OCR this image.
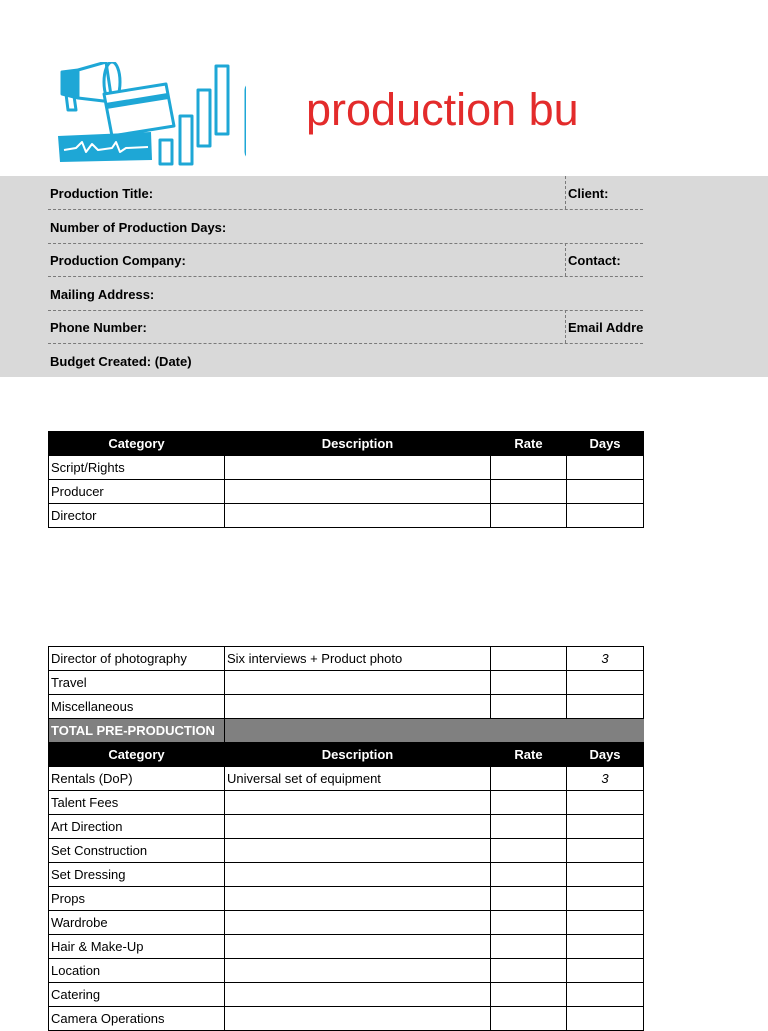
production bu
Production Title:	Client:
Number of Production Days:
Production Company:	Contact:
Mailing Address:
Phone Number:	Email Addre
Budget Created: (Date)
Category	Description	Rate	Days
Script/Rights			
Producer			
Director			
Director of photography	Six interviews + Product photo		3
Travel			
Miscellaneous			
TOTAL PRE-PRODUCTION			
Category	Description	Rate	Days
Rentals (DoP)	Universal set of equipment		3
Talent Fees			
Art Direction			
Set Construction			
Set Dressing			
Props			
Wardrobe			
Hair & Make-Up			
Location			
Catering			
Camera Operations			
